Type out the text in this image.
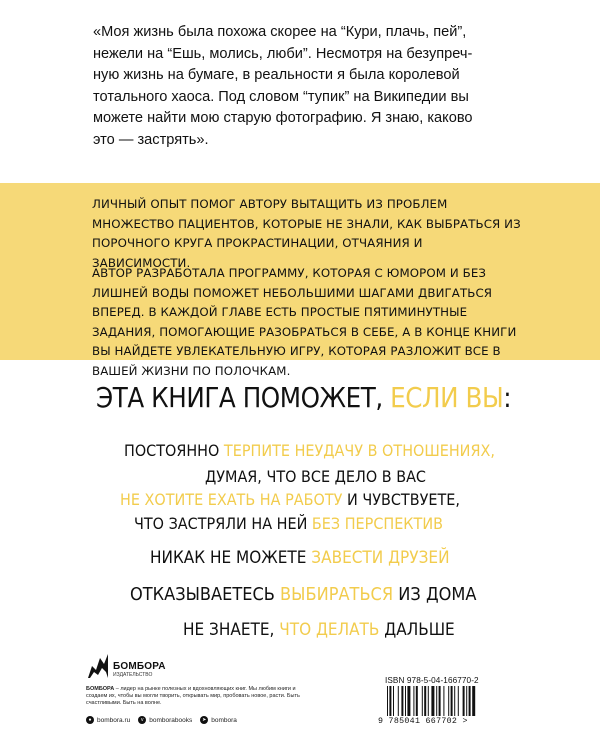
«Моя жизнь была похожа скорее на “Кури, плачь, пей”,

нежели на “Ешь, молись, люби”. Несмотря на безупреч-

ную жизнь на бумаге, в реальности я была королевой

тотального хаоса. Под словом “тупик” на Википедии вы

можете найти мою старую фотографию. Я знаю, каково

это — застрять».

ЛИЧНЫЙ ОПЫТ ПОМОГ АВТОРУ ВЫТАЩИТЬ ИЗ ПРОБЛЕМ МНОЖЕСТВО ПАЦИЕНТОВ, КОТОРЫЕ НЕ ЗНАЛИ, КАК ВЫБРАТЬСЯ ИЗ ПОРОЧНОГО КРУГА ПРОКРАСТИНАЦИИ, ОТЧАЯНИЯ И ЗАВИСИМОСТИ.
АВТОР РАЗРАБОТАЛА ПРОГРАММУ, КОТОРАЯ С ЮМОРОМ И БЕЗ ЛИШНЕЙ ВОДЫ ПОМОЖЕТ НЕБОЛЬШИМИ ШАГАМИ ДВИГАТЬСЯ ВПЕРЕД. В КАЖДОЙ ГЛАВЕ ЕСТЬ ПРОСТЫЕ ПЯТИМИНУТНЫЕ ЗАДАНИЯ, ПОМОГАЮЩИЕ РАЗОБРАТЬСЯ В СЕБЕ, А В КОНЦЕ КНИГИ ВЫ НАЙДЕТЕ УВЛЕКАТЕЛЬНУЮ ИГРУ, КОТОРАЯ РАЗЛОЖИТ ВСЕ В ВАШЕЙ ЖИЗНИ ПО ПОЛОЧКАМ.
ЭТА КНИГА ПОМОЖЕТ, ЕСЛИ ВЫ:
ПОСТОЯННО ТЕРПИТЕ НЕУДАЧУ В ОТНОШЕНИЯХ,
ДУМАЯ, ЧТО ВСЕ ДЕЛО В ВАС
НЕ ХОТИТЕ ЕХАТЬ НА РАБОТУ И ЧУВСТВУЕТЕ,
ЧТО ЗАСТРЯЛИ НА НЕЙ БЕЗ ПЕРСПЕКТИВ
НИКАК НЕ МОЖЕТЕ ЗАВЕСТИ ДРУЗЕЙ
ОТКАЗЫВАЕТЕСЬ ВЫБИРАТЬСЯ ИЗ ДОМА
НЕ ЗНАЕТЕ, ЧТО ДЕЛАТЬ ДАЛЬШЕ
БОМБОРА
ИЗДАТЕЛЬСТВО
БОМБОРА – лидер на рынке полезных и вдохновляющих книг. Мы любим книги и создаем их, чтобы вы могли творить, открывать мир, пробовать новое, расти. Быть счастливыми. Быть на волне.
● bombora.ru	v bomborabooks	➤ bombora
ISBN 978-5-04-166770-2
9 785041 667702 >
